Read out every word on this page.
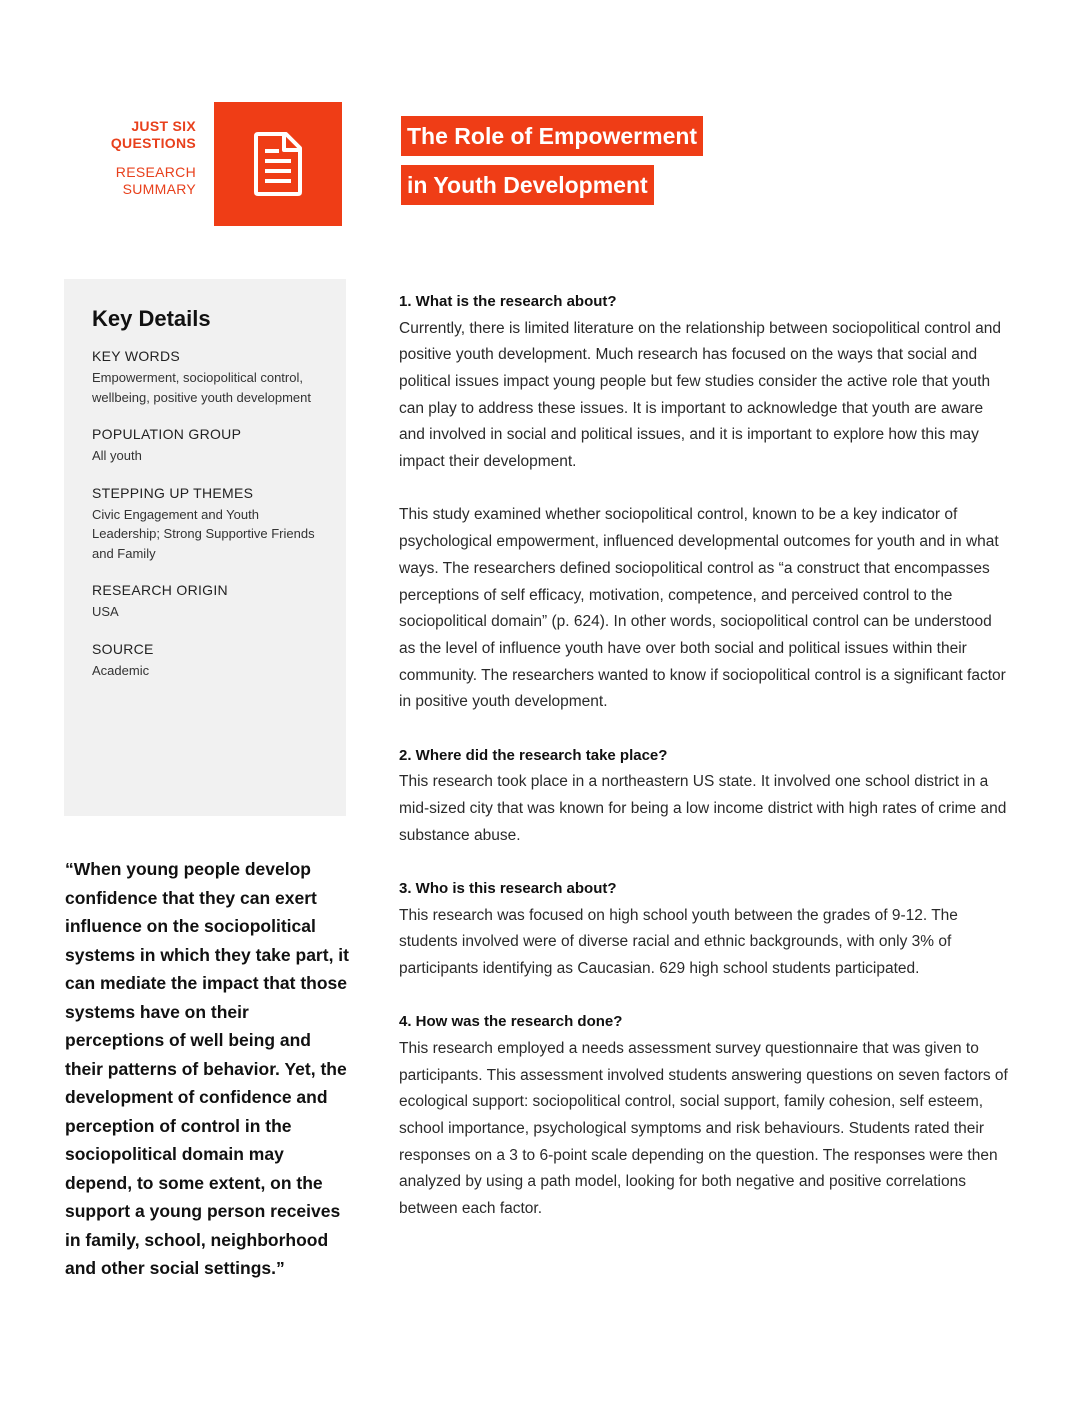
JUST SIX
QUESTIONS
RESEARCH
SUMMARY
The Role of Empowerment
in Youth Development
Key Details
KEY WORDS
Empowerment, sociopolitical control, wellbeing, positive youth development
POPULATION GROUP
All youth
STEPPING UP THEMES
Civic Engagement and Youth Leadership; Strong Supportive Friends and Family
RESEARCH ORIGIN
USA
SOURCE
Academic
“When young people develop confidence that they can exert influence on the sociopolitical systems in which they take part, it can mediate the impact that those systems have on their perceptions of well being and their patterns of behavior. Yet, the development of confidence and perception of control in the sociopolitical domain may depend, to some extent, on the support a young person receives in family, school, neighborhood and other social settings.”
1. What is the research about?

Currently, there is limited literature on the relationship between sociopolitical control and positive youth development. Much research has focused on the ways that social and political issues impact young people but few studies consider the active role that youth can play to address these issues. It is important to acknowledge that youth are aware and involved in social and political issues, and it is important to explore how this may impact their development.

This study examined whether sociopolitical control, known to be a key indicator of psychological empowerment, influenced developmental outcomes for youth and in what ways. The researchers defined sociopolitical control as “a construct that encompasses perceptions of self efficacy, motivation, competence, and perceived control to the sociopolitical domain” (p. 624). In other words, sociopolitical control can be understood as the level of influence youth have over both social and political issues within their community. The researchers wanted to know if sociopolitical control is a significant factor in positive youth development.

2. Where did the research take place?

This research took place in a northeastern US state. It involved one school district in a mid-sized city that was known for being a low income district with high rates of crime and substance abuse.

3. Who is this research about?

This research was focused on high school youth between the grades of 9-12. The students involved were of diverse racial and ethnic backgrounds, with only 3% of participants identifying as Caucasian. 629 high school students participated.

4. How was the research done?

This research employed a needs assessment survey questionnaire that was given to participants. This assessment involved students answering questions on seven factors of ecological support: sociopolitical control, social support, family cohesion, self esteem, school importance, psychological symptoms and risk behaviours. Students rated their responses on a 3 to 6-point scale depending on the question. The responses were then analyzed by using a path model, looking for both negative and positive correlations between each factor.
